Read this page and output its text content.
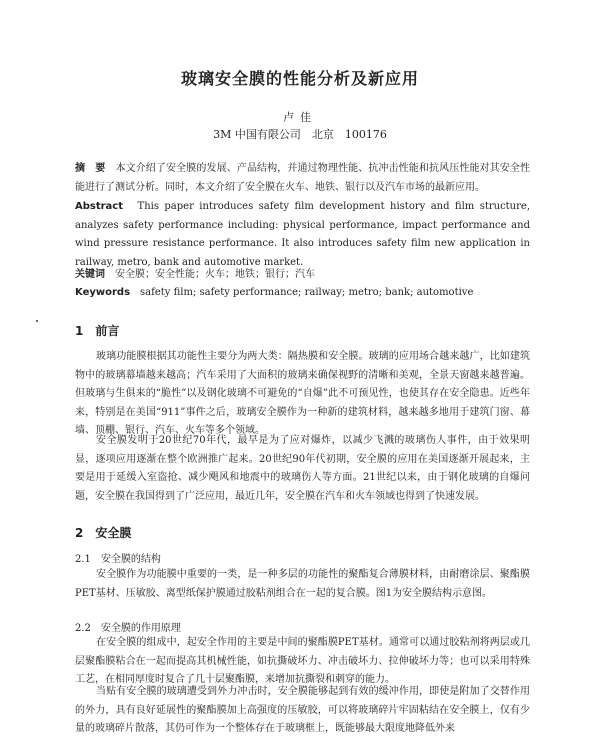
玻璃安全膜的性能分析及新应用
卢佳
3M 中国有限公司　北京　100176

摘　要　 本文介绍了安全膜的发展、产品结构，并通过物理性能、抗冲击性能和抗风压性能对其安全性能进行了测试分析。同时，本文介绍了安全膜在火车、地铁、银行以及汽车市场的最新应用。

Abstract　 This paper introduces safety film development history and film structure, analyzes safety performance including: physical performance, impact performance and wind pressure resistance performance. It also introduces safety film new application in railway, metro, bank and automotive market.

关键词　 安全膜；安全性能；火车；地铁；银行；汽车

Keywords　 safety film; safety performance; railway; metro; bank; automotive

1　前言

玻璃功能膜根据其功能性主要分为两大类：隔热膜和安全膜。玻璃的应用场合越来越广，比如建筑物中的玻璃幕墙越来越高；汽车采用了大面积的玻璃来确保视野的清晰和美观，全景天窗越来越普遍。但玻璃与生俱来的“脆性”以及钢化玻璃不可避免的“自爆”此不可预见性，也使其存在安全隐患。近些年来，特别是在美国“911”事件之后，玻璃安全膜作为一种新的建筑材料，越来越多地用于建筑门窗、幕墙、顶棚、银行、汽车、火车等多个领域。

安全膜发明于20世纪70年代，最早是为了应对爆炸，以减少飞溅的玻璃伤人事件，由于效果明显，逐项应用逐渐在整个欧洲推广起来。20世纪90年代初期，安全膜的应用在美国逐渐开展起来，主要是用于延缓入室盗抢、减少飓风和地震中的玻璃伤人等方面。21世纪以来，由于钢化玻璃的自爆问题，安全膜在我国得到了广泛应用，最近几年，安全膜在汽车和火车领域也得到了快速发展。

2　安全膜
2.1　安全膜的结构

安全膜作为功能膜中重要的一类，是一种多层的功能性的聚酯复合薄膜材料，由耐磨涂层、聚酯膜PET基材、压敏胶、离型纸保护膜通过胶粘剂组合在一起的复合膜。图1为安全膜结构示意图。

2.2　安全膜的作用原理

在安全膜的组成中，起安全作用的主要是中间的聚酯膜PET基材。通常可以通过胶粘剂将两层或几层聚酯膜粘合在一起而提高其机械性能，如抗撕破坏力、冲击破坏力、拉伸破坏力等；也可以采用特殊工艺，在相同厚度时复合了几十层聚酯膜，来增加抗撕裂和刺穿的能力。

当贴有安全膜的玻璃遭受到外力冲击时，安全膜能够起到有效的缓冲作用，即使是附加了交替作用的外力，具有良好延展性的聚酯膜加上高强度的压敏胶，可以将玻璃碎片牢固粘结在安全膜上，仅有少量的玻璃碎片散落，其仍可作为一个整体存在于玻璃框上，既能够最大限度地降低外来
